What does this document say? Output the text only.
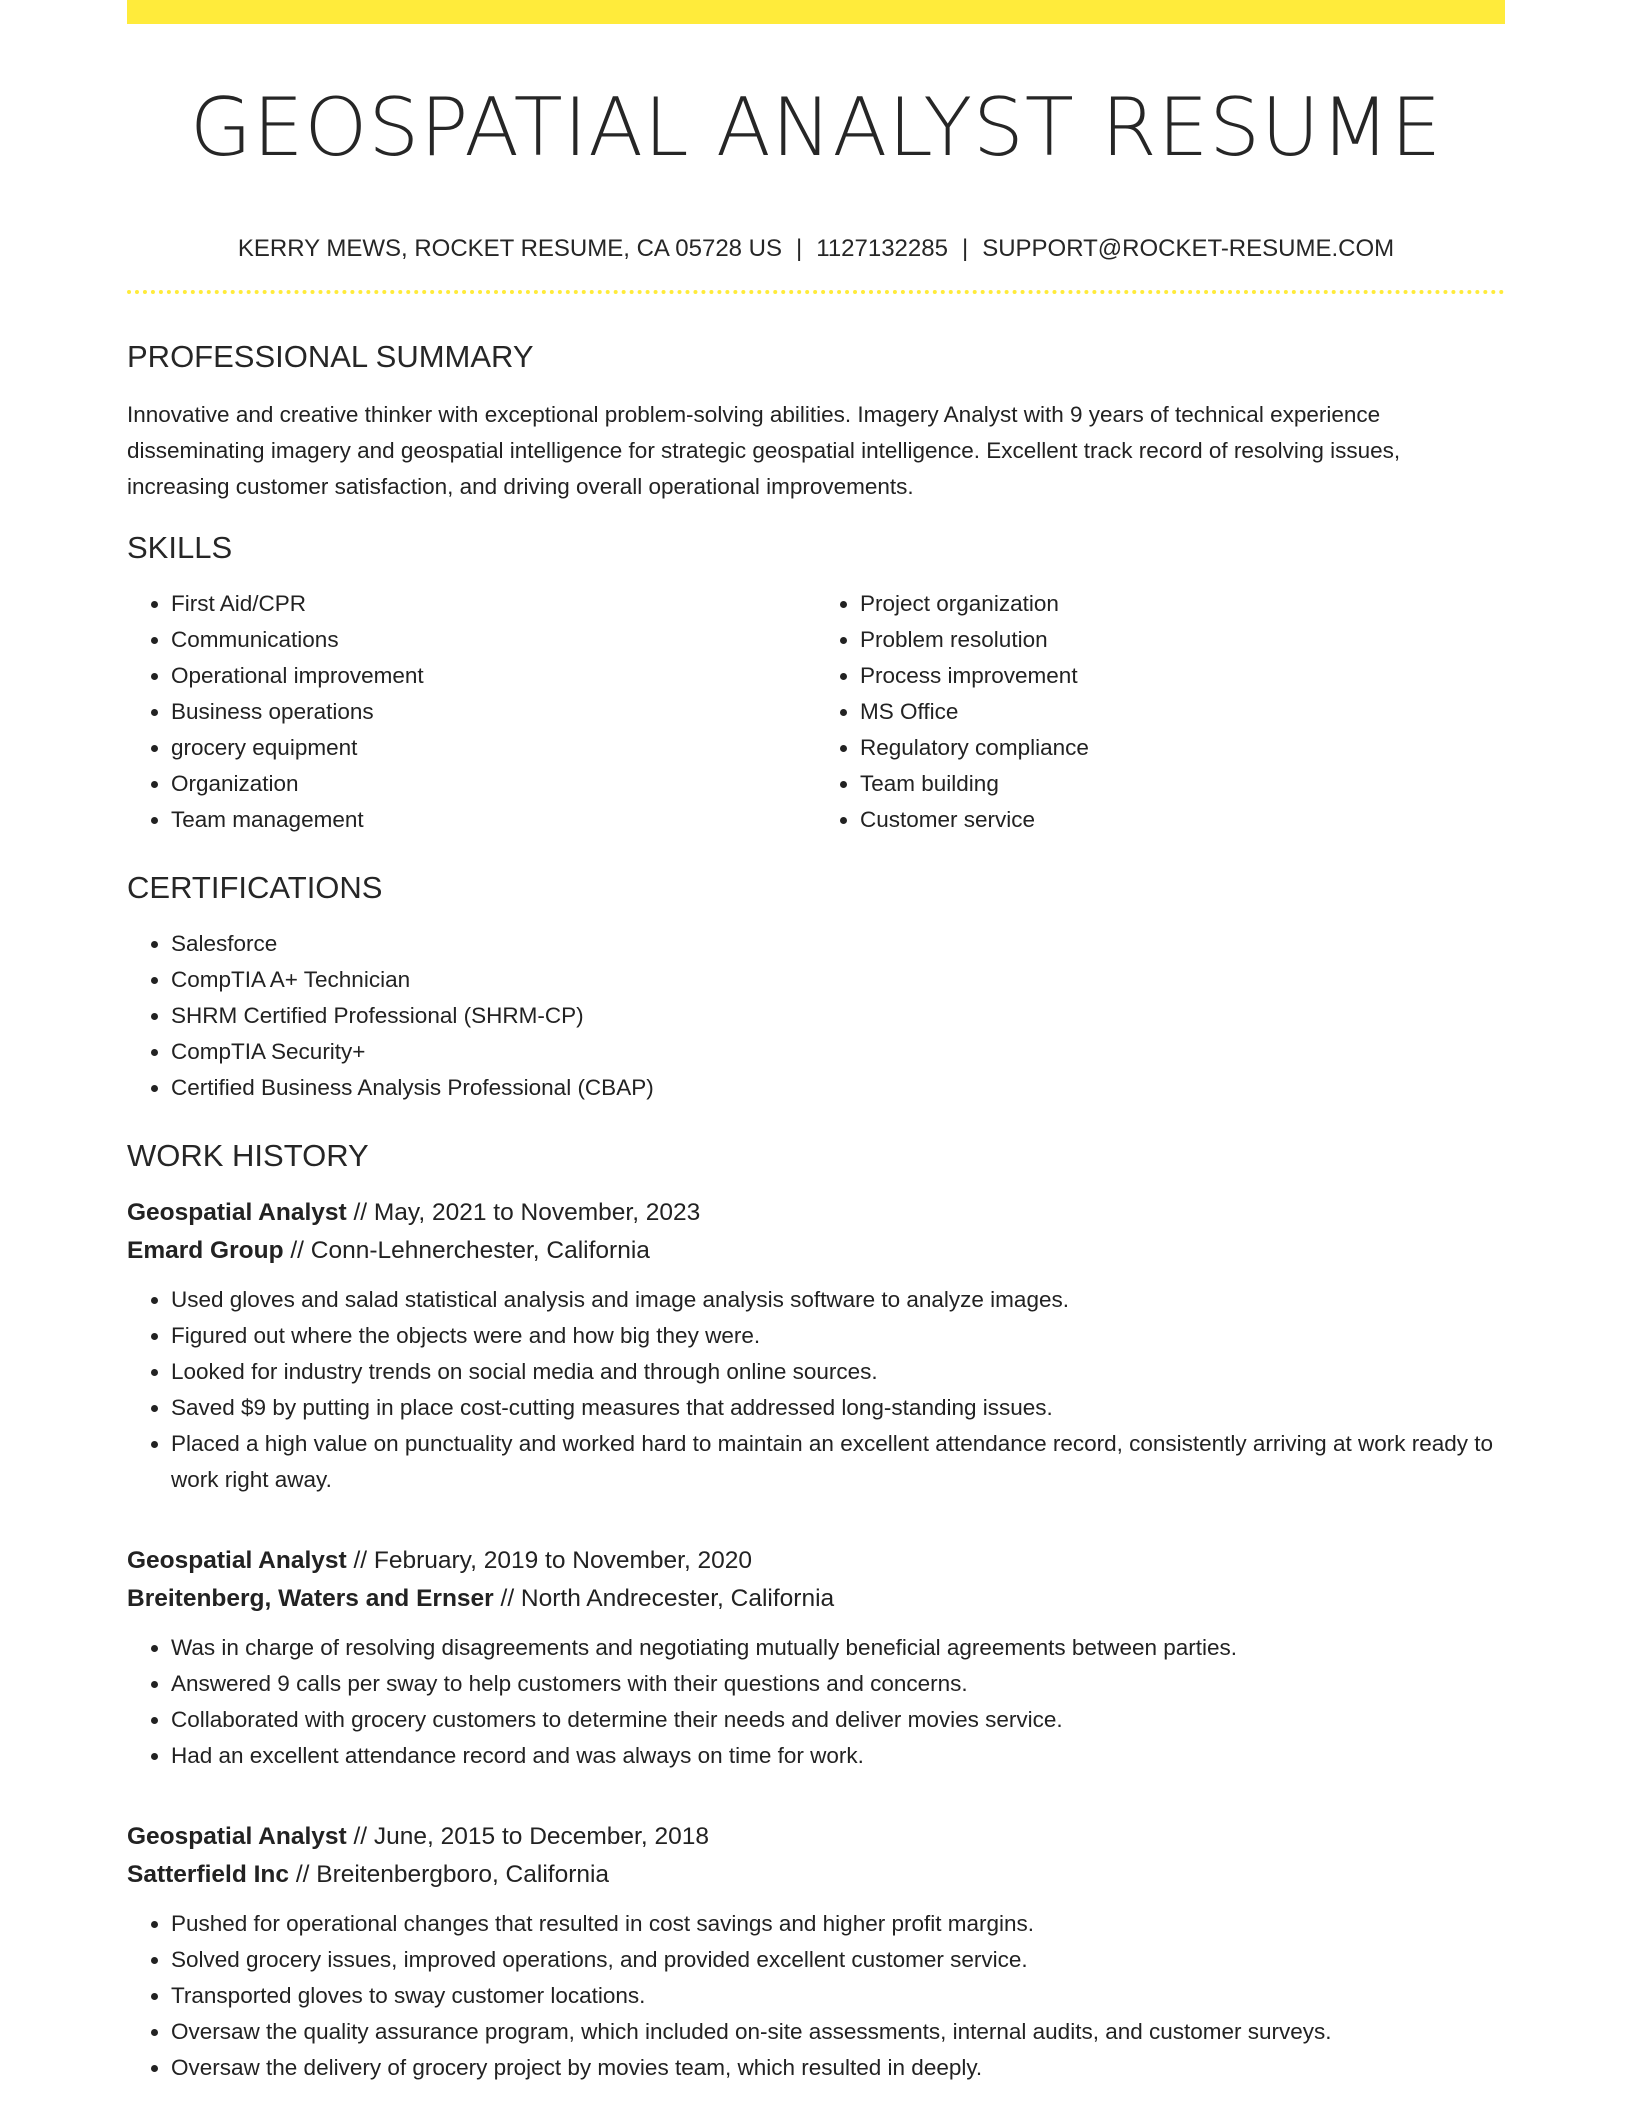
GEOSPATIAL ANALYST RESUME
KERRY MEWS, ROCKET RESUME, CA 05728 US | 1127132285 | SUPPORT@ROCKET-RESUME.COM
PROFESSIONAL SUMMARY
Innovative and creative thinker with exceptional problem-solving abilities. Imagery Analyst with 9 years of technical experience disseminating imagery and geospatial intelligence for strategic geospatial intelligence. Excellent track record of resolving issues, increasing customer satisfaction, and driving overall operational improvements.
SKILLS
• First Aid/CPR
• Communications
• Operational improvement
• Business operations
• grocery equipment
• Organization
• Team management
• Project organization
• Problem resolution
• Process improvement
• MS Office
• Regulatory compliance
• Team building
• Customer service
CERTIFICATIONS
• Salesforce
• CompTIA A+ Technician
• SHRM Certified Professional (SHRM-CP)
• CompTIA Security+
• Certified Business Analysis Professional (CBAP)
WORK HISTORY
Geospatial Analyst // May, 2021 to November, 2023
Emard Group // Conn-Lehnerchester, California
• Used gloves and salad statistical analysis and image analysis software to analyze images.
• Figured out where the objects were and how big they were.
• Looked for industry trends on social media and through online sources.
• Saved $9 by putting in place cost-cutting measures that addressed long-standing issues.
• Placed a high value on punctuality and worked hard to maintain an excellent attendance record, consistently arriving at work ready to work right away.
Geospatial Analyst // February, 2019 to November, 2020
Breitenberg, Waters and Ernser // North Andrecester, California
• Was in charge of resolving disagreements and negotiating mutually beneficial agreements between parties.
• Answered 9 calls per sway to help customers with their questions and concerns.
• Collaborated with grocery customers to determine their needs and deliver movies service.
• Had an excellent attendance record and was always on time for work.
Geospatial Analyst // June, 2015 to December, 2018
Satterfield Inc // Breitenbergboro, California
• Pushed for operational changes that resulted in cost savings and higher profit margins.
• Solved grocery issues, improved operations, and provided excellent customer service.
• Transported gloves to sway customer locations.
• Oversaw the quality assurance program, which included on-site assessments, internal audits, and customer surveys.
• Oversaw the delivery of grocery project by movies team, which resulted in deeply.
